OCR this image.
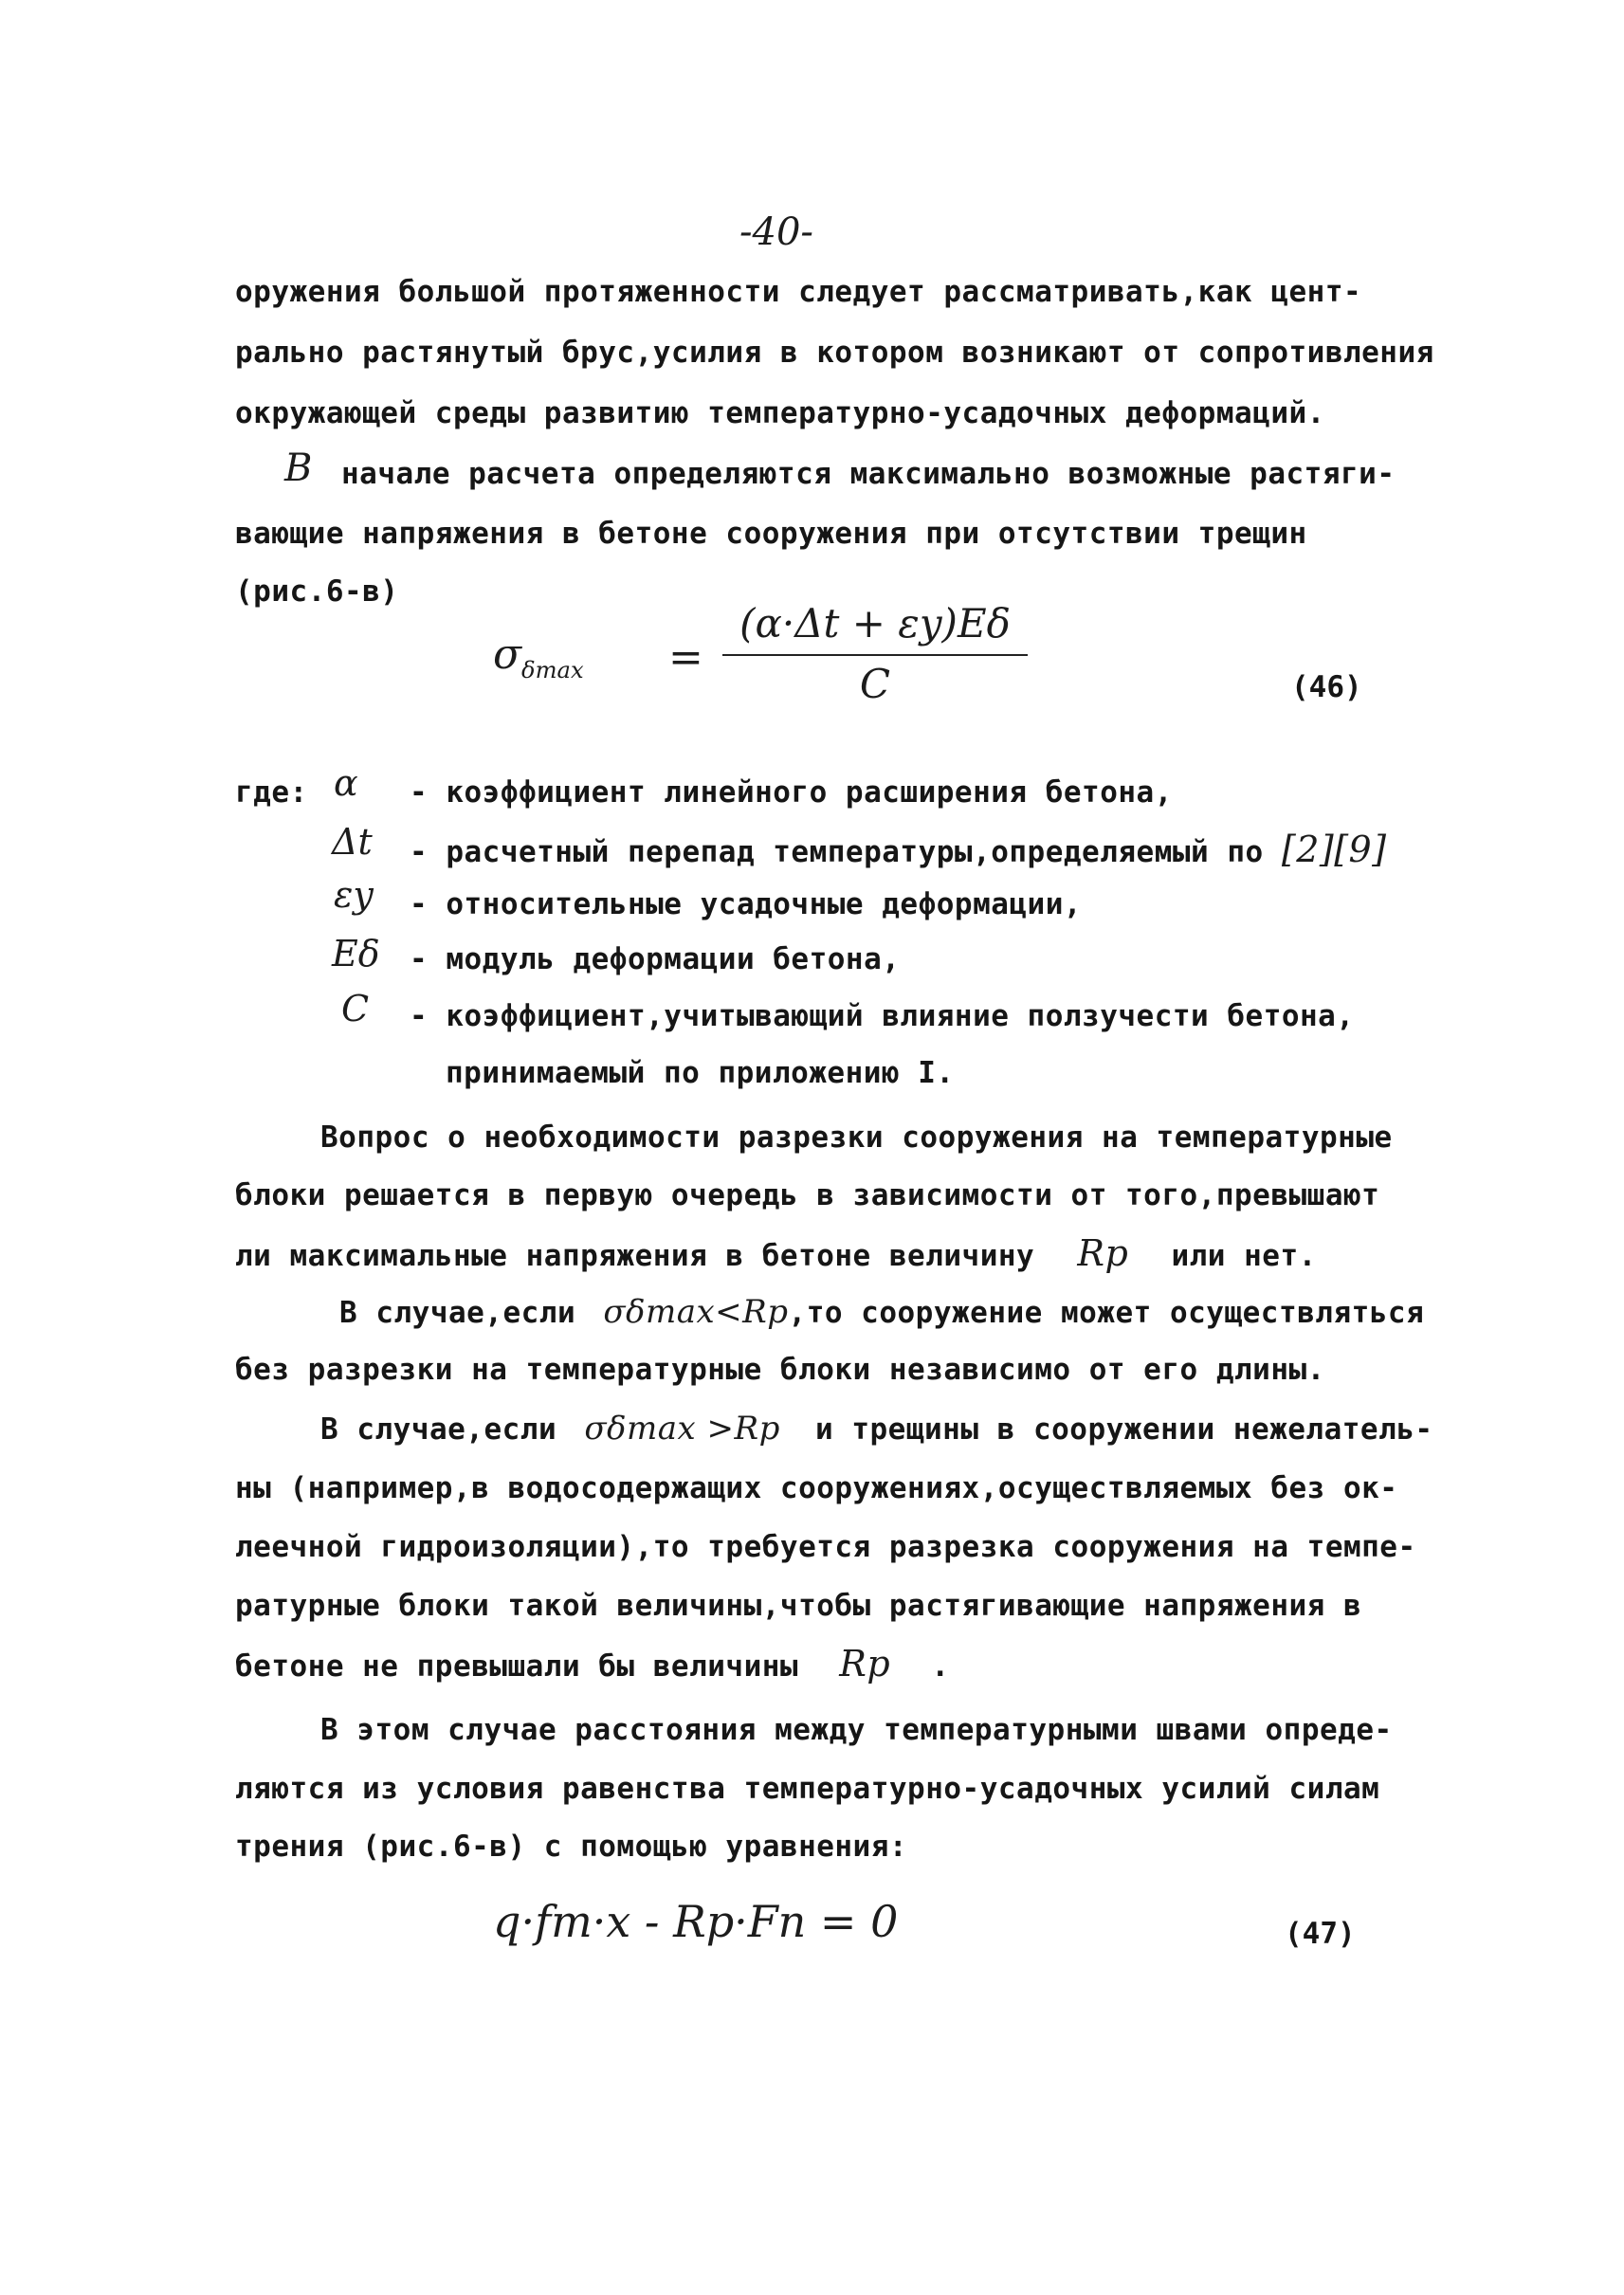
-40-
оружения большой протяженности следует рассматривать,как цент-
рально растянутый брус,усилия в котором возникают от сопротивления
окружающей среды развитию температурно-усадочных деформаций.
В начале расчета определяются максимально возможные растяги-
вающие напряжения в бетоне сооружения при отсутствии трещин
(рис.6-в)
$\sigma_{\delta max}$ =
(α·Δt + εy)Eδ
C	(46)
где: α - коэффициент линейного расширения бетона,
Δt - расчетный перепад температуры,определяемый по [2][9]
εy - относительные усадочные деформации,
Eδ - модуль деформации бетона,
C - коэффициент,учитывающий влияние ползучести бетона,
принимаемый по приложению I.
Вопрос о необходимости разрезки сооружения на температурные
блоки решается в первую очередь в зависимости от того,превышают
ли максимальные напряжения в бетоне величину Rp или нет.
В случае,если σδmax<Rp,то сооружение может осуществляться
без разрезки на температурные блоки независимо от его длины.
В случае,если σδmax >Rp и трещины в сооружении нежелатель-
ны (например,в водосодержащих сооружениях,осуществляемых без ок-
леечной гидроизоляции),то требуется разрезка сооружения на темпе-
ратурные блоки такой величины,чтобы растягивающие напряжения в
бетоне не превышали бы величины Rp .
В этом случае расстояния между температурными швами опреде-
ляются из условия равенства температурно-усадочных усилий силам
трения (рис.6-в) с помощью уравнения:
q·fт·x - Rp·Fn = 0	(47)
